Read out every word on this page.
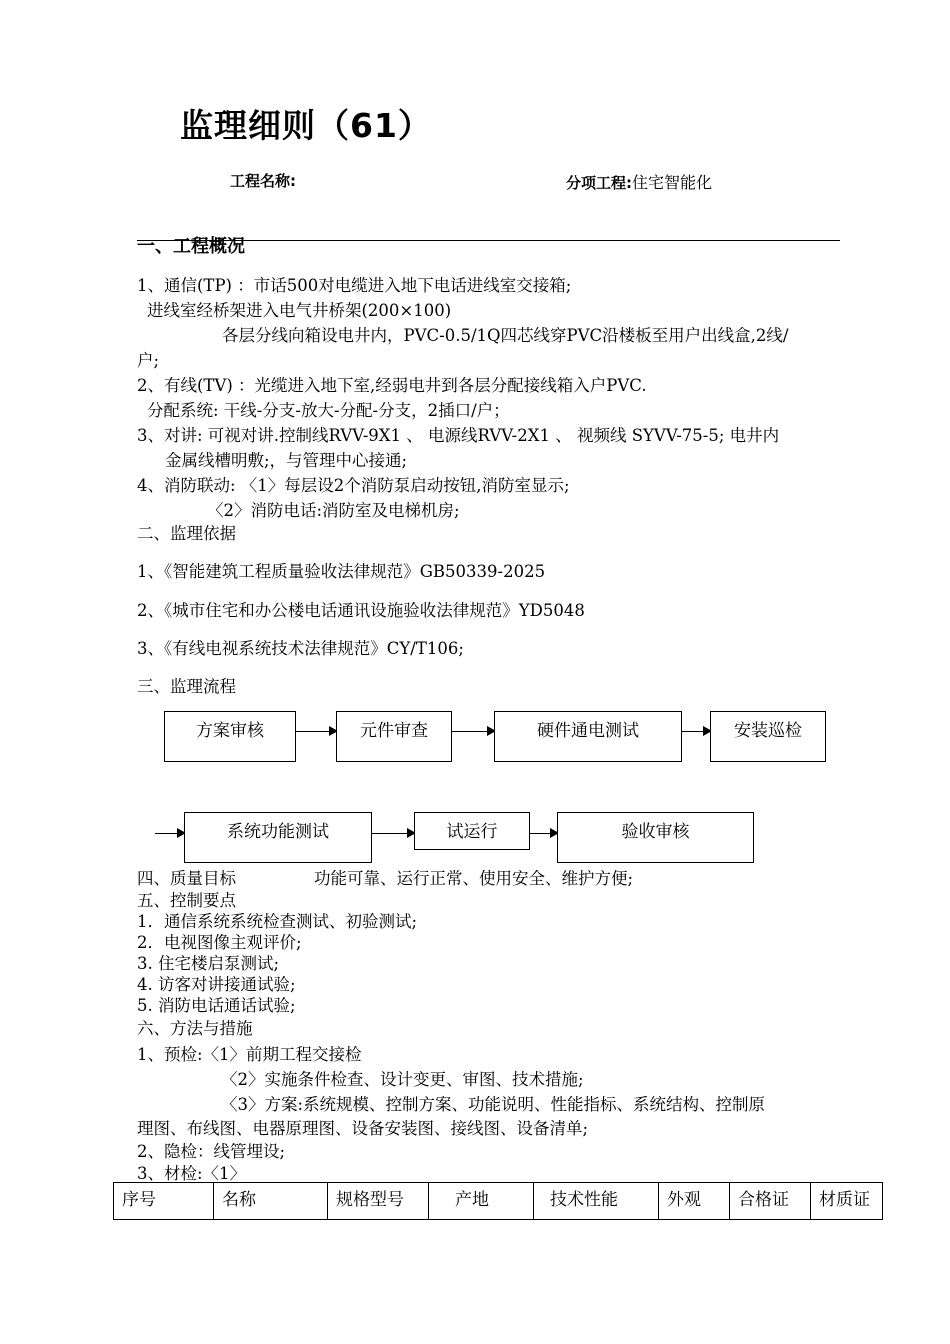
监理细则（61）
工程名称:	分项工程:住宅智能化
一、工程概况
1、通信(TP) ：市话500对电缆进入地下电话进线室交接箱;
进线室经桥架进入电气井桥架(200×100)
各层分线向箱设电井内，PVC-0.5/1Q四芯线穿PVC沿楼板至用户出线盒,2线/
户;
2、有线(TV) ：光缆进入地下室,经弱电井到各层分配接线箱入户PVC.
分配系统: 干线-分支-放大-分配-分支，2插口/户；
3、对讲: 可视对讲.控制线RVV-9X1 、 电源线RVV-2X1 、 视频线 SYVV-75-5; 电井内
金属线槽明敷;，与管理中心接通;
4、消防联动: 〈1〉每层设2个消防泵启动按钮,消防室显示;
〈2〉消防电话:消防室及电梯机房;
二、监理依据
1、《智能建筑工程质量验收法律规范》GB50339-2025
2、《城市住宅和办公楼电话通讯设施验收法律规范》YD5048
3、《有线电视系统技术法律规范》CY/T106;
三、监理流程
方案审核	元件审查	硬件通电测试	安装巡检
系统功能测试	试运行	验收审核
四、质量目标	功能可靠、运行正常、使用安全、维护方便;
五、控制要点
1．通信系统系统检查测试、初验测试;
2．电视图像主观评价;
3. 住宅楼启泵测试;
4. 访客对讲接通试验;
5. 消防电话通话试验;
六、方法与措施
1、预检:〈1〉前期工程交接检
〈2〉实施条件检查、设计变更、审图、技术措施;
〈3〉方案:系统规模、控制方案、功能说明、性能指标、系统结构、控制原
理图、布线图、电器原理图、设备安装图、接线图、设备清单;
2、隐检：线管埋设;
3、材检:〈1〉
序号	名称	规格型号	产地	技术性能	外观	合格证	材质证
